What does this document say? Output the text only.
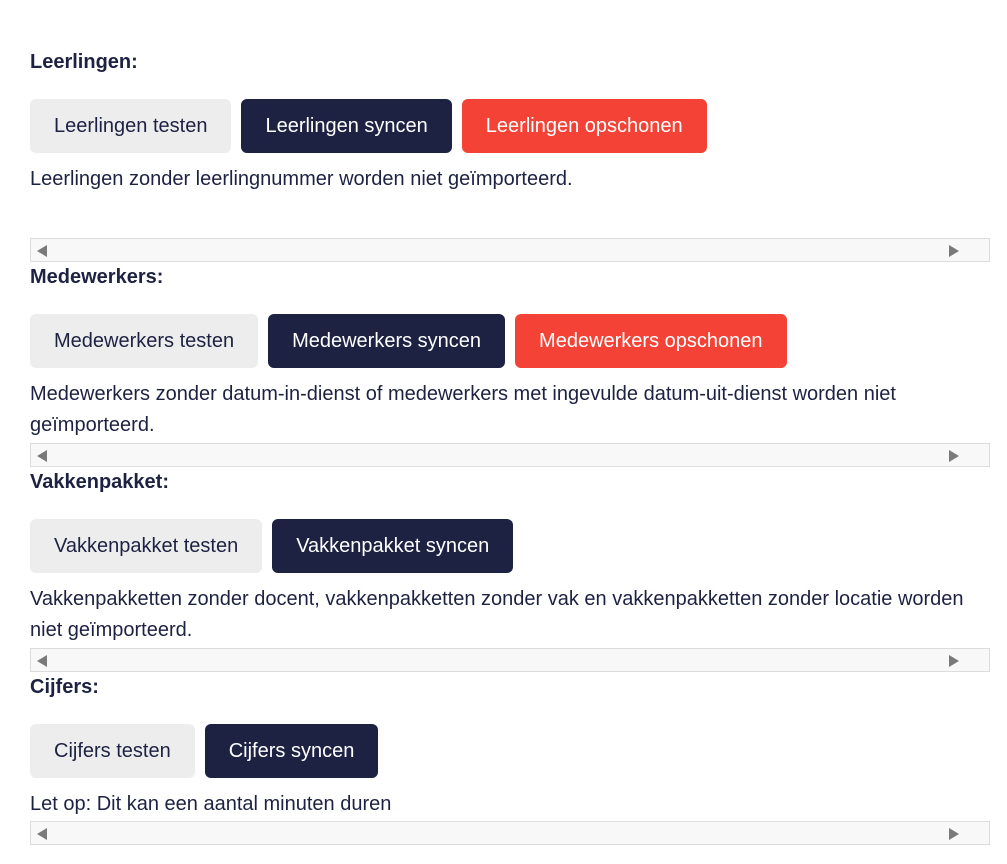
Leerlingen:
Leerlingen testen	Leerlingen syncen	Leerlingen opschonen
Leerlingen zonder leerlingnummer worden niet geïmporteerd.
Medewerkers:
Medewerkers testen	Medewerkers syncen	Medewerkers opschonen
Medewerkers zonder datum-in-dienst of medewerkers met ingevulde datum-uit-dienst worden niet geïmporteerd.
Vakkenpakket:
Vakkenpakket testen	Vakkenpakket syncen
Vakkenpakketten zonder docent, vakkenpakketten zonder vak en vakkenpakketten zonder locatie worden niet geïmporteerd.
Cijfers:
Cijfers testen	Cijfers syncen
Let op: Dit kan een aantal minuten duren
